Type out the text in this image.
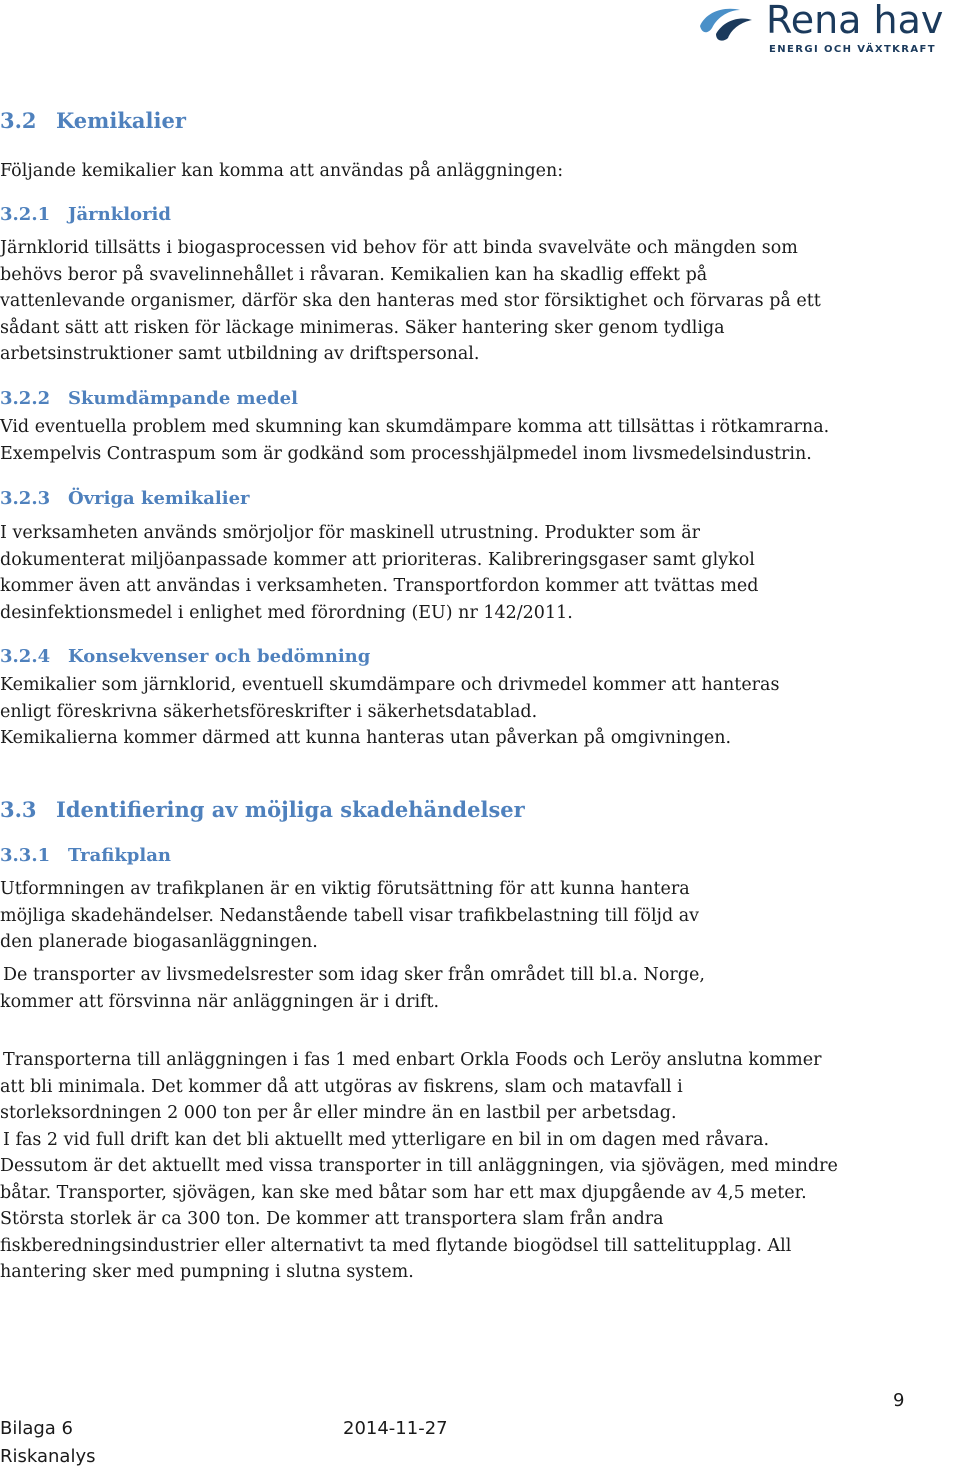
Rena hav
ENERGI OCH VÄXTKRAFT
3.2 Kemikalier
Följande kemikalier kan komma att användas på anläggningen:
3.2.1 Järnklorid
Järnklorid tillsätts i biogasprocessen vid behov för att binda svavelväte och mängden som
behövs beror på svavelinnehållet i råvaran. Kemikalien kan ha skadlig effekt på
vattenlevande organismer, därför ska den hanteras med stor försiktighet och förvaras på ett
sådant sätt att risken för läckage minimeras. Säker hantering sker genom tydliga
arbetsinstruktioner samt utbildning av driftspersonal.
3.2.2 Skumdämpande medel
Vid eventuella problem med skumning kan skumdämpare komma att tillsättas i rötkamrarna.
Exempelvis Contraspum som är godkänd som processhjälpmedel inom livsmedelsindustrin.
3.2.3 Övriga kemikalier
I verksamheten används smörjoljor för maskinell utrustning. Produkter som är
dokumenterat miljöanpassade kommer att prioriteras. Kalibreringsgaser samt glykol
kommer även att användas i verksamheten. Transportfordon kommer att tvättas med
desinfektionsmedel i enlighet med förordning (EU) nr 142/2011.
3.2.4 Konsekvenser och bedömning
Kemikalier som järnklorid, eventuell skumdämpare och drivmedel kommer att hanteras
enligt föreskrivna säkerhetsföreskrifter i säkerhetsdatablad.
Kemikalierna kommer därmed att kunna hanteras utan påverkan på omgivningen.
3.3 Identifiering av möjliga skadehändelser
3.3.1 Trafikplan
Utformningen av trafikplanen är en viktig förutsättning för att kunna hantera
möjliga skadehändelser. Nedanstående tabell visar trafikbelastning till följd av
den planerade biogasanläggningen.
De transporter av livsmedelsrester som idag sker från området till bl.a. Norge,
kommer att försvinna när anläggningen är i drift.
Transporterna till anläggningen i fas 1 med enbart Orkla Foods och Leröy anslutna kommer
att bli minimala. Det kommer då att utgöras av fiskrens, slam och matavfall i
storleksordningen 2 000 ton per år eller mindre än en lastbil per arbetsdag.
I fas 2 vid full drift kan det bli aktuellt med ytterligare en bil in om dagen med råvara.
Dessutom är det aktuellt med vissa transporter in till anläggningen, via sjövägen, med mindre
båtar. Transporter, sjövägen, kan ske med båtar som har ett max djupgående av 4,5 meter.
Största storlek är ca 300 ton. De kommer att transportera slam från andra
fiskberedningsindustrier eller alternativt ta med flytande biogödsel till sattelitupplag. All
hantering sker med pumpning i slutna system.
9
Bilaga 6	2014-11-27
Riskanalys
